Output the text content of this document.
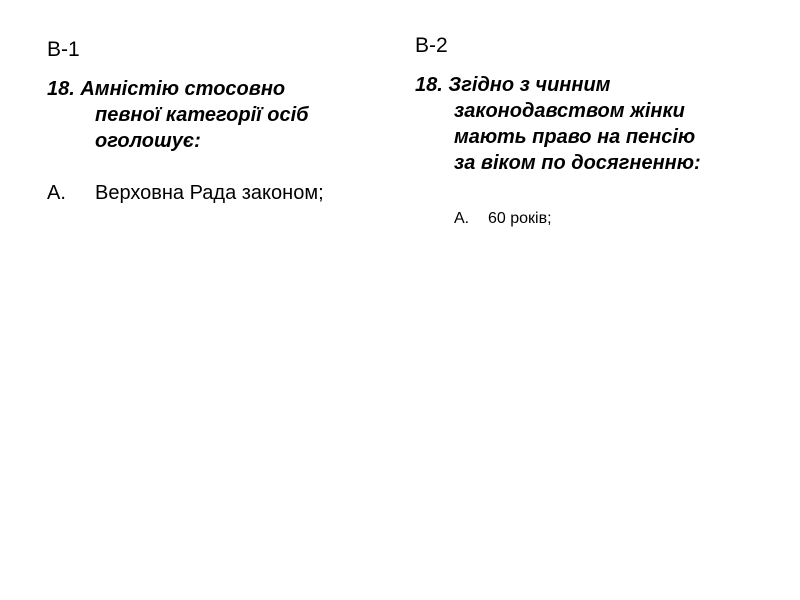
В-1
18. Амністію стосовно
певної категорії осіб
оголошує:
А. Верховна Рада законом;
В-2
18. Згідно з чинним
законодавством жінки
мають право на пенсію
за віком по досягненню:
А. 60 років;
